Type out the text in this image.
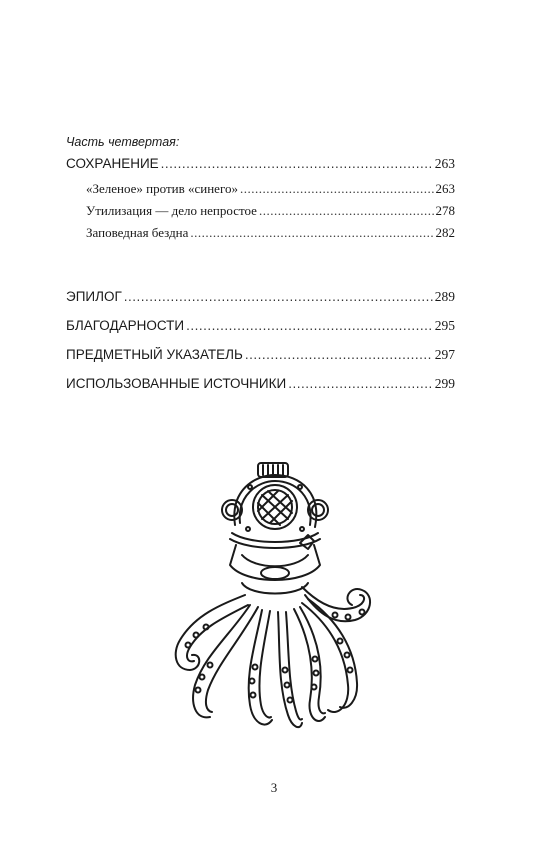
Часть четвертая:
СОХРАНЕНИЕ .....	263
«Зеленое» против «синего» .....	263
Утилизация — дело непростое .....	278
Заповедная бездна .....	282
ЭПИЛОГ .....	289
БЛАГОДАРНОСТИ .....	295
ПРЕДМЕТНЫЙ УКАЗАТЕЛЬ .....	297
ИСПОЛЬЗОВАННЫЕ ИСТОЧНИКИ .....	299
3
